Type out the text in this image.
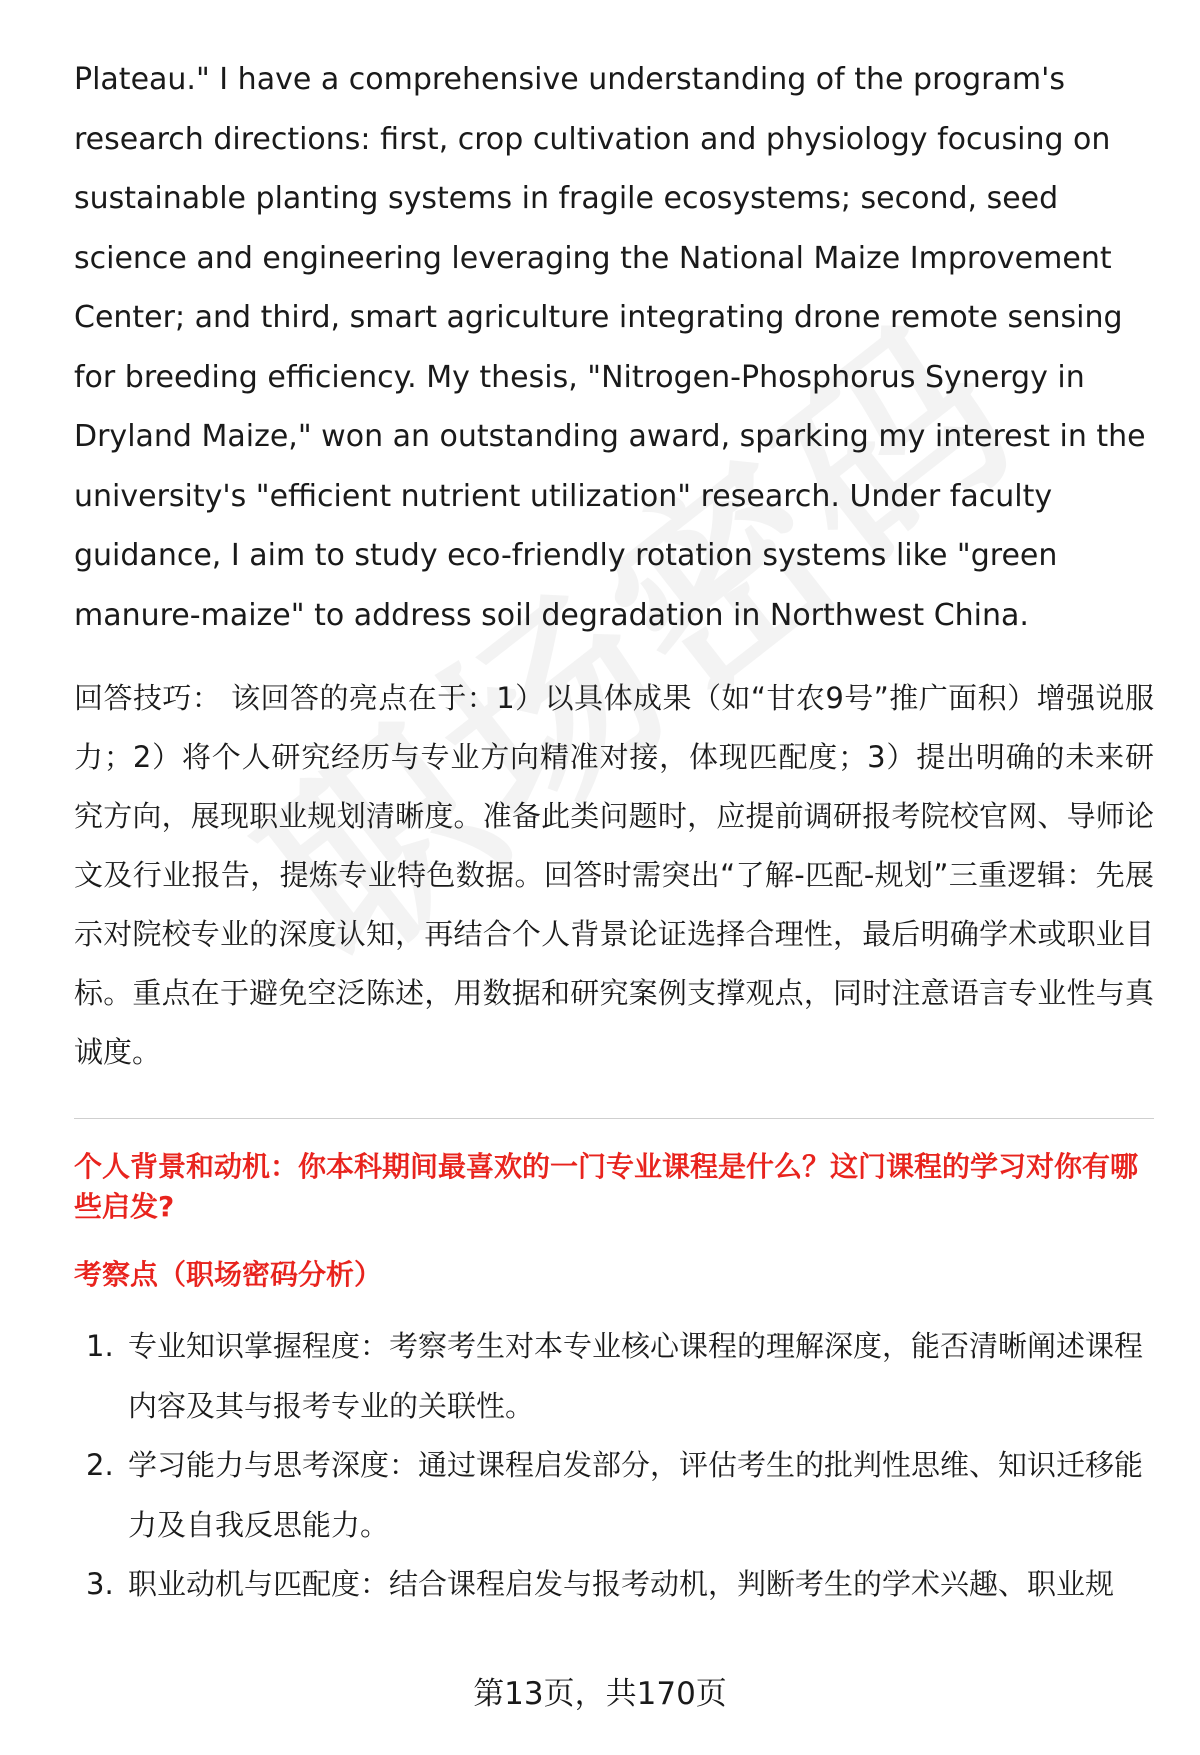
Plateau." I have a comprehensive understanding of the program's research directions: first, crop cultivation and physiology focusing on sustainable planting systems in fragile ecosystems; second, seed science and engineering leveraging the National Maize Improvement Center; and third, smart agriculture integrating drone remote sensing for breeding efficiency. My thesis, "Nitrogen-Phosphorus Synergy in Dryland Maize," won an outstanding award, sparking my interest in the university's "efficient nutrient utilization" research. Under faculty guidance, I aim to study eco-friendly rotation systems like "green manure-maize" to address soil degradation in Northwest China.

回答技巧： 该回答的亮点在于：1）以具体成果（如“甘农9号”推广面积）增强说服力；2）将个人研究经历与专业方向精准对接，体现匹配度；3）提出明确的未来研究方向，展现职业规划清晰度。准备此类问题时，应提前调研报考院校官网、导师论文及行业报告，提炼专业特色数据。回答时需突出“了解-匹配-规划”三重逻辑：先展示对院校专业的深度认知，再结合个人背景论证选择合理性，最后明确学术或职业目标。重点在于避免空泛陈述，用数据和研究案例支撑观点，同时注意语言专业性与真诚度。

个人背景和动机：你本科期间最喜欢的一门专业课程是什么？这门课程的学习对你有哪些启发?
考察点（职场密码分析）
1. 专业知识掌握程度：考察考生对本专业核心课程的理解深度，能否清晰阐述课程内容及其与报考专业的关联性。
2. 学习能力与思考深度：通过课程启发部分，评估考生的批判性思维、知识迁移能力及自我反思能力。
3. 职业动机与匹配度：结合课程启发与报考动机，判断考生的学术兴趣、职业规
第13页，共170页
